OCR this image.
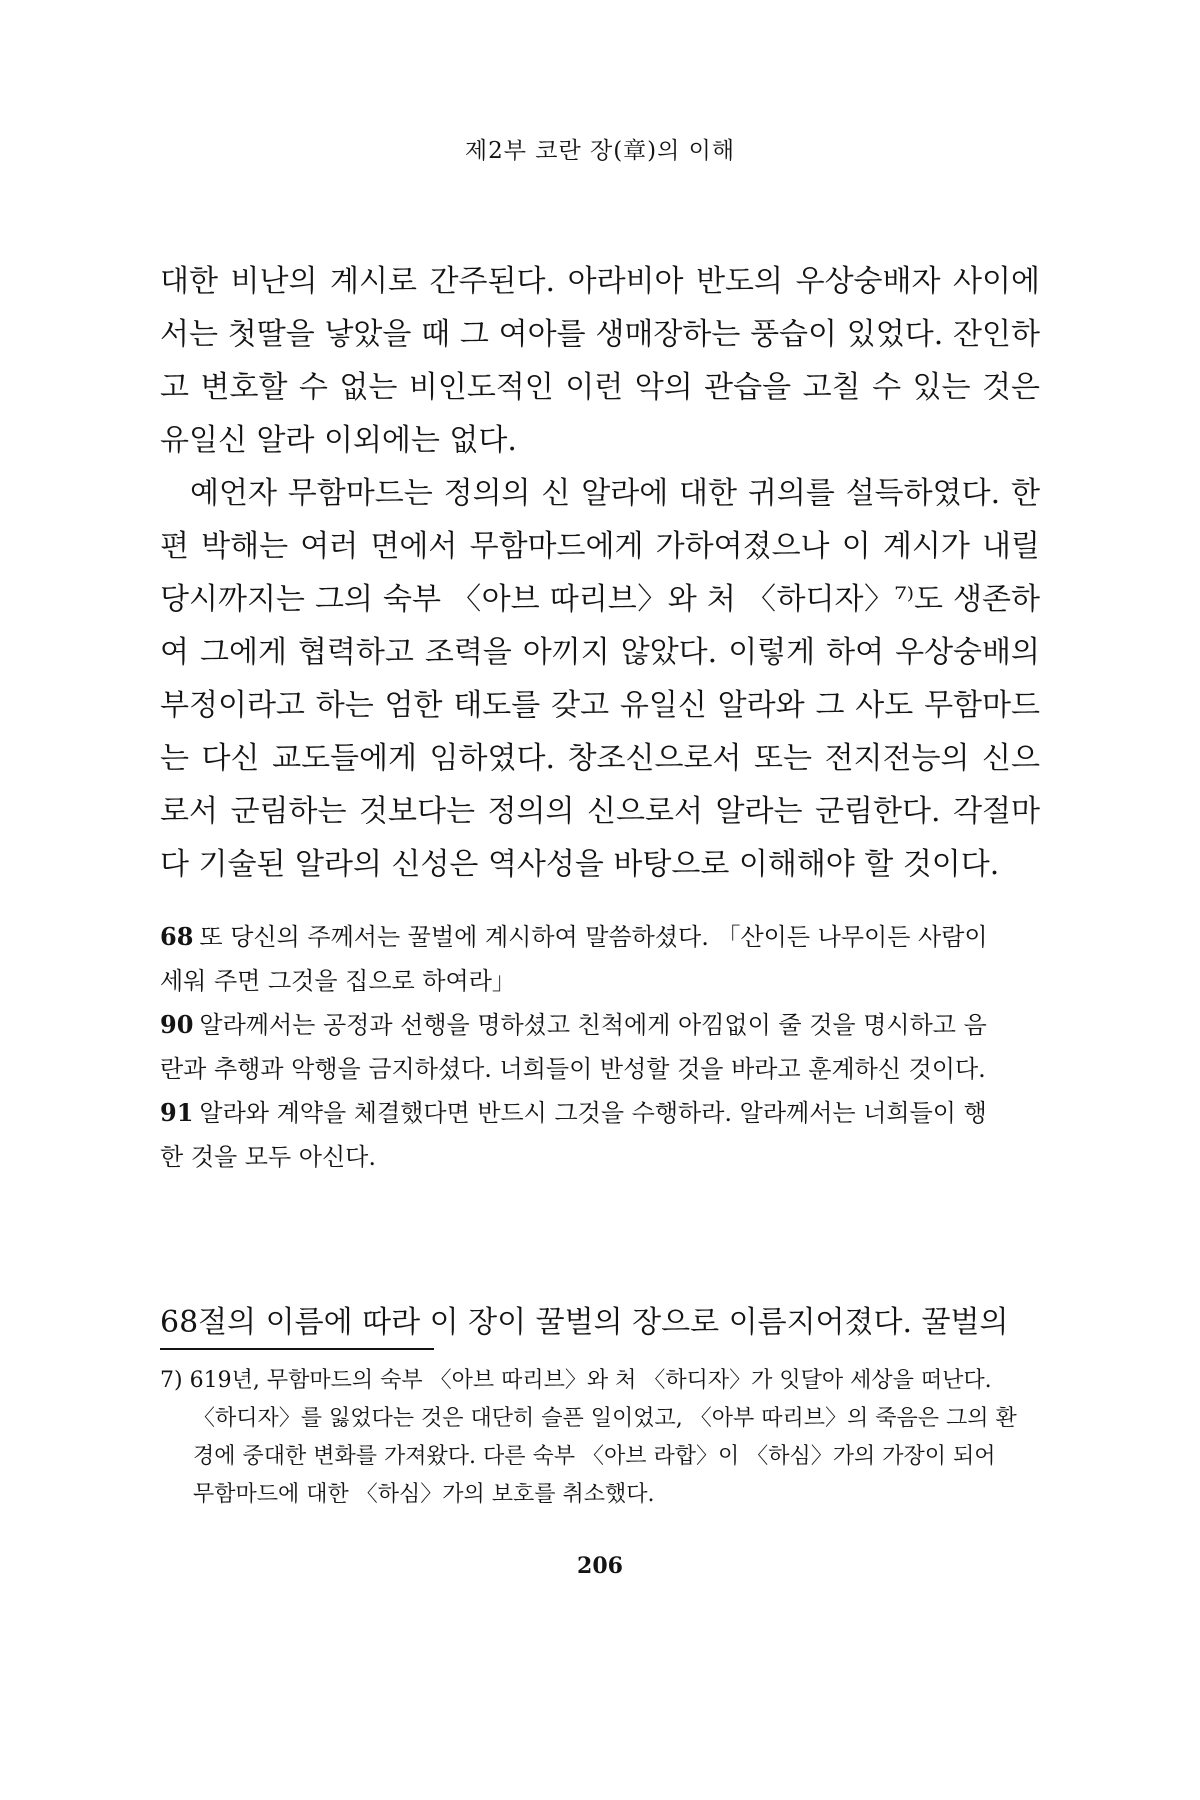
제2부 코란 장(章)의 이해

대한 비난의 계시로 간주된다. 아라비아 반도의 우상숭배자 사이에서는 첫딸을 낳았을 때 그 여아를 생매장하는 풍습이 있었다. 잔인하고 변호할 수 없는 비인도적인 이런 악의 관습을 고칠 수 있는 것은 유일신 알라 이외에는 없다.

예언자 무함마드는 정의의 신 알라에 대한 귀의를 설득하였다. 한편 박해는 여러 면에서 무함마드에게 가하여졌으나 이 계시가 내릴 당시까지는 그의 숙부 〈아브 따리브〉와 처 〈하디자〉⁷⁾도 생존하여 그에게 협력하고 조력을 아끼지 않았다. 이렇게 하여 우상숭배의 부정이라고 하는 엄한 태도를 갖고 유일신 알라와 그 사도 무함마드는 다신 교도들에게 임하였다. 창조신으로서 또는 전지전능의 신으로서 군림하는 것보다는 정의의 신으로서 알라는 군림한다. 각절마다 기술된 알라의 신성은 역사성을 바탕으로 이해해야 할 것이다.

68 또 당신의 주께서는 꿀벌에 계시하여 말씀하셨다. 「산이든 나무이든 사람이 세워 주면 그것을 집으로 하여라」

90 알라께서는 공정과 선행을 명하셨고 친척에게 아낌없이 줄 것을 명시하고 음란과 추행과 악행을 금지하셨다. 너희들이 반성할 것을 바라고 훈계하신 것이다.

91 알라와 계약을 체결했다면 반드시 그것을 수행하라. 알라께서는 너희들이 행한 것을 모두 아신다.

68절의 이름에 따라 이 장이 꿀벌의 장으로 이름지어졌다. 꿀벌의

7) 619년, 무함마드의 숙부 〈아브 따리브〉와 처 〈하디자〉가 잇달아 세상을 떠난다. 〈하디자〉를 잃었다는 것은 대단히 슬픈 일이었고, 〈아부 따리브〉의 죽음은 그의 환경에 중대한 변화를 가져왔다. 다른 숙부 〈아브 라합〉이 〈하심〉가의 가장이 되어 무함마드에 대한 〈하심〉가의 보호를 취소했다.

206
